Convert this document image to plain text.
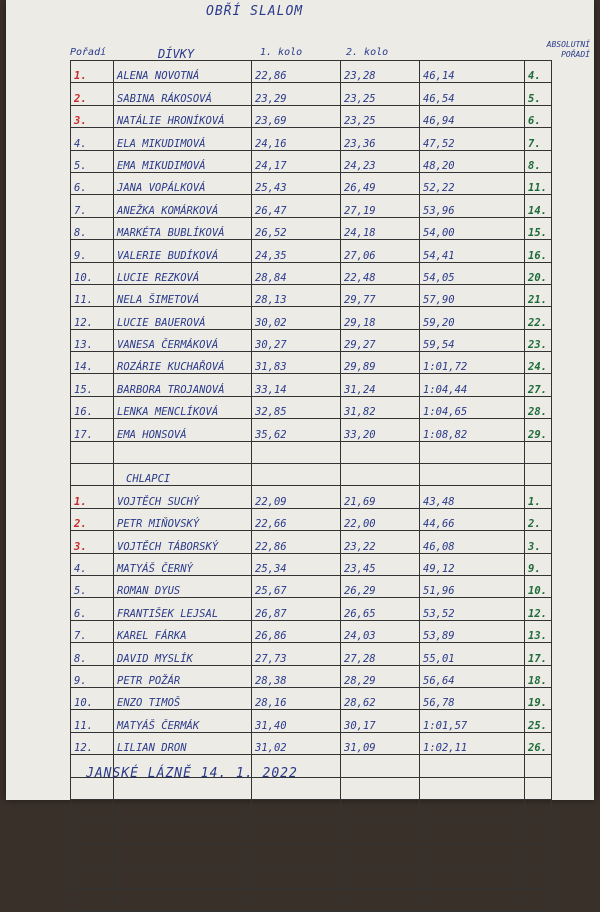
OBŘÍ SLALOM
Pořadí	DÍVKY	1. kolo	2. kolo
ABSOLUTNÍ POŘADÍ
1.	ALENA NOVOTNÁ	22,86	23,28	46,14	4.
2.	SABINA RÁKOSOVÁ	23,29	23,25	46,54	5.
3.	NATÁLIE HRONÍKOVÁ	23,69	23,25	46,94	6.
4.	ELA MIKUDIMOVÁ	24,16	23,36	47,52	7.
5.	EMA MIKUDIMOVÁ	24,17	24,23	48,20	8.
6.	JANA VOPÁLKOVÁ	25,43	26,49	52,22	11.
7.	ANEŽKA KOMÁRKOVÁ	26,47	27,19	53,96	14.
8.	MARKÉTA BUBLÍKOVÁ	26,52	24,18	54,00	15.
9.	VALERIE BUDÍKOVÁ	24,35	27,06	54,41	16.
10.	LUCIE REZKOVÁ	28,84	22,48	54,05	20.
11.	NELA ŠIMETOVÁ	28,13	29,77	57,90	21.
12.	LUCIE BAUEROVÁ	30,02	29,18	59,20	22.
13.	VANESA ČERMÁKOVÁ	30,27	29,27	59,54	23.
14.	ROZÁRIE KUCHAŘOVÁ	31,83	29,89	1:01,72	24.
15.	BARBORA TROJANOVÁ	33,14	31,24	1:04,44	27.
16.	LENKA MENCLÍKOVÁ	32,85	31,82	1:04,65	28.
17.	EMA HONSOVÁ	35,62	33,20	1:08,82	29.

	CHLAPCI				
1.	VOJTĚCH SUCHÝ	22,09	21,69	43,48	1.
2.	PETR MIŇOVSKÝ	22,66	22,00	44,66	2.
3.	VOJTĚCH TÁBORSKÝ	22,86	23,22	46,08	3.
4.	MATYÁŠ ČERNÝ	25,34	23,45	49,12	9.
5.	ROMAN DYUS	25,67	26,29	51,96	10.
6.	FRANTIŠEK LEJSAL	26,87	26,65	53,52	12.
7.	KAREL FÁRKA	26,86	24,03	53,89	13.
8.	DAVID MYSLÍK	27,73	27,28	55,01	17.
9.	PETR POŽÁR	28,38	28,29	56,64	18.
10.	ENZO TIMOŠ	28,16	28,62	56,78	19.
11.	MATYÁŠ ČERMÁK	31,40	30,17	1:01,57	25.
12.	LILIAN DRON	31,02	31,09	1:02,11	26.

JANSKÉ LÁZNĚ 14. 1. 2022
